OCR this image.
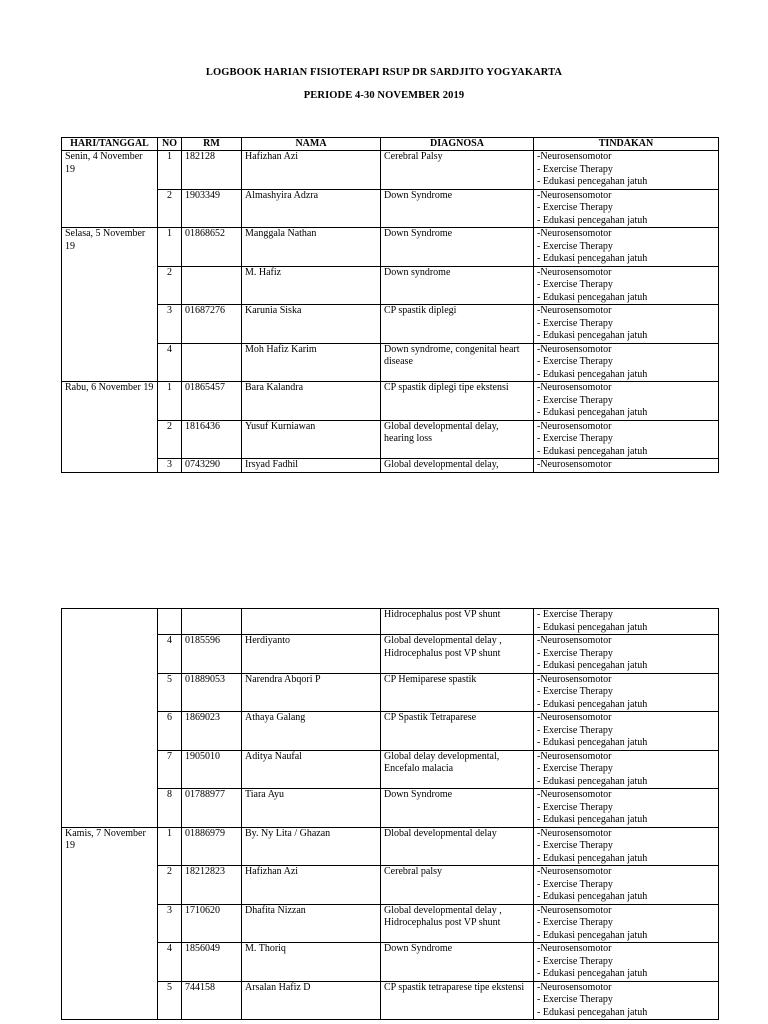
LOGBOOK HARIAN FISIOTERAPI RSUP DR SARDJITO YOGYAKARTA
PERIODE 4-30 NOVEMBER 2019
HARI/TANGGAL	NO	RM	NAMA	DIAGNOSA	TINDAKAN
Senin, 4 November 19	1	182128	Hafizhan Azi	Cerebral Palsy	-Neurosensomotor
- Exercise Therapy
- Edukasi pencegahan jatuh

	2	1903349	Almashyira Adzra	Down Syndrome	-Neurosensomotor
- Exercise Therapy
- Edukasi pencegahan jatuh

Selasa, 5 November 19	1	01868652	Manggala Nathan	Down Syndrome	-Neurosensomotor
- Exercise Therapy
- Edukasi pencegahan jatuh

	2		M. Hafiz	Down syndrome	-Neurosensomotor
- Exercise Therapy
- Edukasi pencegahan jatuh

	3	01687276	Karunia Siska	CP spastik diplegi	-Neurosensomotor
- Exercise Therapy
- Edukasi pencegahan jatuh

	4		Moh Hafiz Karim	Down syndrome, congenital heart disease	-Neurosensomotor
- Exercise Therapy
- Edukasi pencegahan jatuh

Rabu, 6 November 19	1	01865457	Bara Kalandra	CP spastik diplegi tipe ekstensi	-Neurosensomotor
- Exercise Therapy
- Edukasi pencegahan jatuh

	2	1816436	Yusuf Kurniawan	Global developmental delay, hearing loss	-Neurosensomotor
- Exercise Therapy
- Edukasi pencegahan jatuh

	3	0743290	Irsyad Fadhil	Global developmental delay,	-Neurosensomotor
				Hidrocephalus post VP shunt	- Exercise Therapy
- Edukasi pencegahan jatuh

	4	0185596	Herdiyanto	Global developmental delay , Hidrocephalus post VP shunt	-Neurosensomotor
- Exercise Therapy
- Edukasi pencegahan jatuh

	5	01889053	Narendra Abqori P	CP Hemiparese spastik	-Neurosensomotor
- Exercise Therapy
- Edukasi pencegahan jatuh

	6	1869023	Athaya Galang	CP Spastik Tetraparese	-Neurosensomotor
- Exercise Therapy
- Edukasi pencegahan jatuh

	7	1905010	Aditya Naufal	Global delay developmental, Encefalo malacia	-Neurosensomotor
- Exercise Therapy
- Edukasi pencegahan jatuh

	8	01788977	Tiara Ayu	Down Syndrome	-Neurosensomotor
- Exercise Therapy
- Edukasi pencegahan jatuh

Kamis, 7 November 19	1	01886979	By. Ny Lita / Ghazan	Dlobal developmental delay	-Neurosensomotor
- Exercise Therapy
- Edukasi pencegahan jatuh

	2	18212823	Hafizhan Azi	Cerebral palsy	-Neurosensomotor
- Exercise Therapy
- Edukasi pencegahan jatuh

	3	1710620	Dhafita Nizzan	Global developmental delay , Hidrocephalus post VP shunt	-Neurosensomotor
- Exercise Therapy
- Edukasi pencegahan jatuh

	4	1856049	M. Thoriq	Down Syndrome	-Neurosensomotor
- Exercise Therapy
- Edukasi pencegahan jatuh

	5	744158	Arsalan Hafiz D	CP spastik tetraparese tipe ekstensi	-Neurosensomotor
- Exercise Therapy
- Edukasi pencegahan jatuh
